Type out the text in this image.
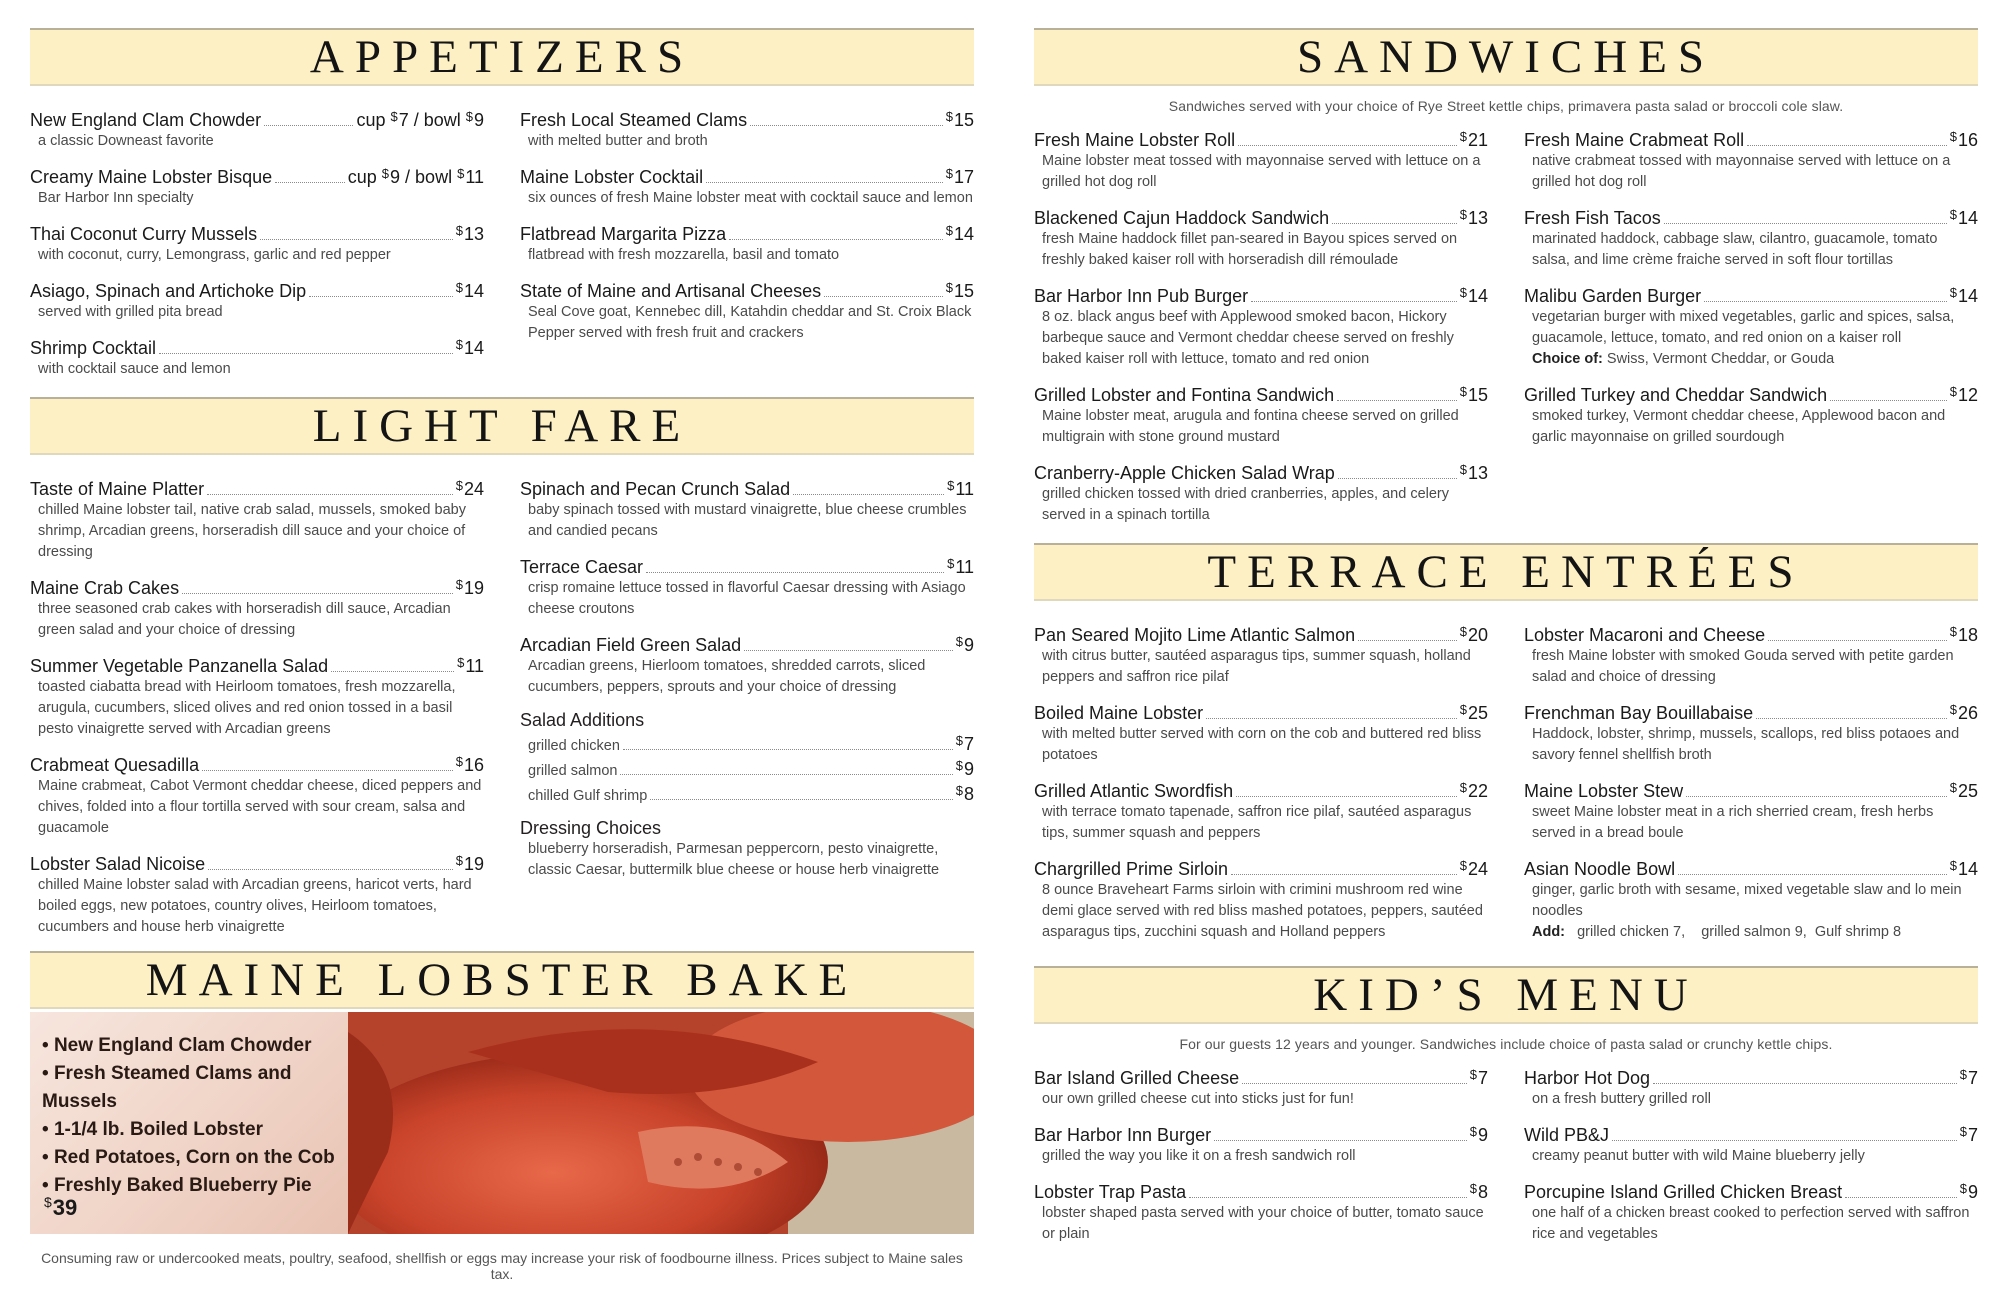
APPETIZERS
New England Clam Chowder	cup $7 / bowl $9
a classic Downeast favorite
Creamy Maine Lobster Bisque	cup $9 / bowl $11
Bar Harbor Inn specialty
Thai Coconut Curry Mussels	$13
with coconut, curry, Lemongrass, garlic and red pepper
Asiago, Spinach and Artichoke Dip	$14
served with grilled pita bread
Shrimp Cocktail	$14
with cocktail sauce and lemon
Fresh Local Steamed Clams	$15
with melted butter and broth
Maine Lobster Cocktail	$17
six ounces of fresh Maine lobster meat with cocktail sauce and lemon
Flatbread Margarita Pizza	$14
flatbread with fresh mozzarella, basil and tomato
State of Maine and Artisanal Cheeses	$15
Seal Cove goat, Kennebec dill, Katahdin cheddar and St. Croix Black Pepper served with fresh fruit and crackers
LIGHT FARE
Taste of Maine Platter	$24
chilled Maine lobster tail, native crab salad, mussels, smoked baby shrimp, Arcadian greens, horseradish dill sauce and your choice of dressing
Maine Crab Cakes	$19
three seasoned crab cakes with horseradish dill sauce, Arcadian green salad and your choice of dressing
Summer Vegetable Panzanella Salad	$11
toasted ciabatta bread with Heirloom tomatoes, fresh mozzarella, arugula, cucumbers, sliced olives and red onion tossed in a basil pesto vinaigrette served with Arcadian greens
Crabmeat Quesadilla	$16
Maine crabmeat, Cabot Vermont cheddar cheese, diced peppers and chives, folded into a flour tortilla served with sour cream, salsa and guacamole
Lobster Salad Nicoise	$19
chilled Maine lobster salad with Arcadian greens, haricot verts, hard boiled eggs, new potatoes, country olives, Heirloom tomatoes, cucumbers and house herb vinaigrette
Spinach and Pecan Crunch Salad	$11
baby spinach tossed with mustard vinaigrette, blue cheese crumbles and candied pecans
Terrace Caesar	$11
crisp romaine lettuce tossed in flavorful Caesar dressing with Asiago cheese croutons
Arcadian Field Green Salad	$9
Arcadian greens, Hierloom tomatoes, shredded carrots, sliced cucumbers, peppers, sprouts and your choice of dressing
Salad Additions
grilled chicken	$7
grilled salmon	$9
chilled Gulf shrimp	$8
Dressing Choices
blueberry horseradish, Parmesan peppercorn, pesto vinaigrette, classic Caesar, buttermilk blue cheese or house herb vinaigrette
MAINE LOBSTER BAKE
• New England Clam Chowder
• Fresh Steamed Clams and Mussels
• 1-1/4 lb. Boiled Lobster
• Red Potatoes, Corn on the Cob
• Freshly Baked Blueberry Pie
$39
Consuming raw or undercooked meats, poultry, seafood, shellfish or eggs may increase your risk of foodbourne illness. Prices subject to Maine sales tax.
SANDWICHES
Sandwiches served with your choice of Rye Street kettle chips, primavera pasta salad or broccoli cole slaw.
Fresh Maine Lobster Roll	$21
Maine lobster meat tossed with mayonnaise served with lettuce on a grilled hot dog roll
Blackened Cajun Haddock Sandwich	$13
fresh Maine haddock fillet pan-seared in Bayou spices served on freshly baked kaiser roll with horseradish dill rémoulade
Bar Harbor Inn Pub Burger	$14
8 oz. black angus beef with Applewood smoked bacon, Hickory barbeque sauce and Vermont cheddar cheese served on freshly baked kaiser roll with lettuce, tomato and red onion
Grilled Lobster and Fontina Sandwich	$15
Maine lobster meat, arugula and fontina cheese served on grilled multigrain with stone ground mustard
Cranberry-Apple Chicken Salad Wrap	$13
grilled chicken tossed with dried cranberries, apples, and celery served in a spinach tortilla
Fresh Maine Crabmeat Roll	$16
native crabmeat tossed with mayonnaise served with lettuce on a grilled hot dog roll
Fresh Fish Tacos	$14
marinated haddock, cabbage slaw, cilantro, guacamole, tomato salsa, and lime crème fraiche served in soft flour tortillas
Malibu Garden Burger	$14
vegetarian burger with mixed vegetables, garlic and spices, salsa, guacamole, lettuce, tomato, and red onion on a kaiser roll
Choice of: Swiss, Vermont Cheddar, or Gouda
Grilled Turkey and Cheddar Sandwich	$12
smoked turkey, Vermont cheddar cheese, Applewood bacon and garlic mayonnaise on grilled sourdough
TERRACE ENTRÉES
Pan Seared Mojito Lime Atlantic Salmon	$20
with citrus butter, sautéed asparagus tips, summer squash, holland peppers and saffron rice pilaf
Boiled Maine Lobster	$25
with melted butter served with corn on the cob and buttered red bliss potatoes
Grilled Atlantic Swordfish	$22
with terrace tomato tapenade, saffron rice pilaf, sautéed asparagus tips, summer squash and peppers
Chargrilled Prime Sirloin	$24
8 ounce Braveheart Farms sirloin with crimini mushroom red wine demi glace served with red bliss mashed potatoes, peppers, sautéed asparagus tips, zucchini squash and Holland peppers
Lobster Macaroni and Cheese	$18
fresh Maine lobster with smoked Gouda served with petite garden salad and choice of dressing
Frenchman Bay Bouillabaise	$26
Haddock, lobster, shrimp, mussels, scallops, red bliss potaoes and savory fennel shellfish broth
Maine Lobster Stew	$25
sweet Maine lobster meat in a rich sherried cream, fresh herbs served in a bread boule
Asian Noodle Bowl	$14
ginger, garlic broth with sesame, mixed vegetable slaw and lo mein noodles
Add:   grilled chicken 7,    grilled salmon 9,  Gulf shrimp 8
KID’S MENU
For our guests 12 years and younger. Sandwiches include choice of pasta salad or crunchy kettle chips.
Bar Island Grilled Cheese	$7
our own grilled cheese cut into sticks just for fun!
Bar Harbor Inn Burger	$9
grilled the way you like it on a fresh sandwich roll
Lobster Trap Pasta	$8
lobster shaped pasta served with your choice of butter, tomato sauce or plain
Harbor Hot Dog	$7
on a fresh buttery grilled roll
Wild PB&J	$7
creamy peanut butter with wild Maine blueberry jelly
Porcupine Island Grilled Chicken Breast	$9
one half of a chicken breast cooked to perfection served with saffron rice and vegetables
